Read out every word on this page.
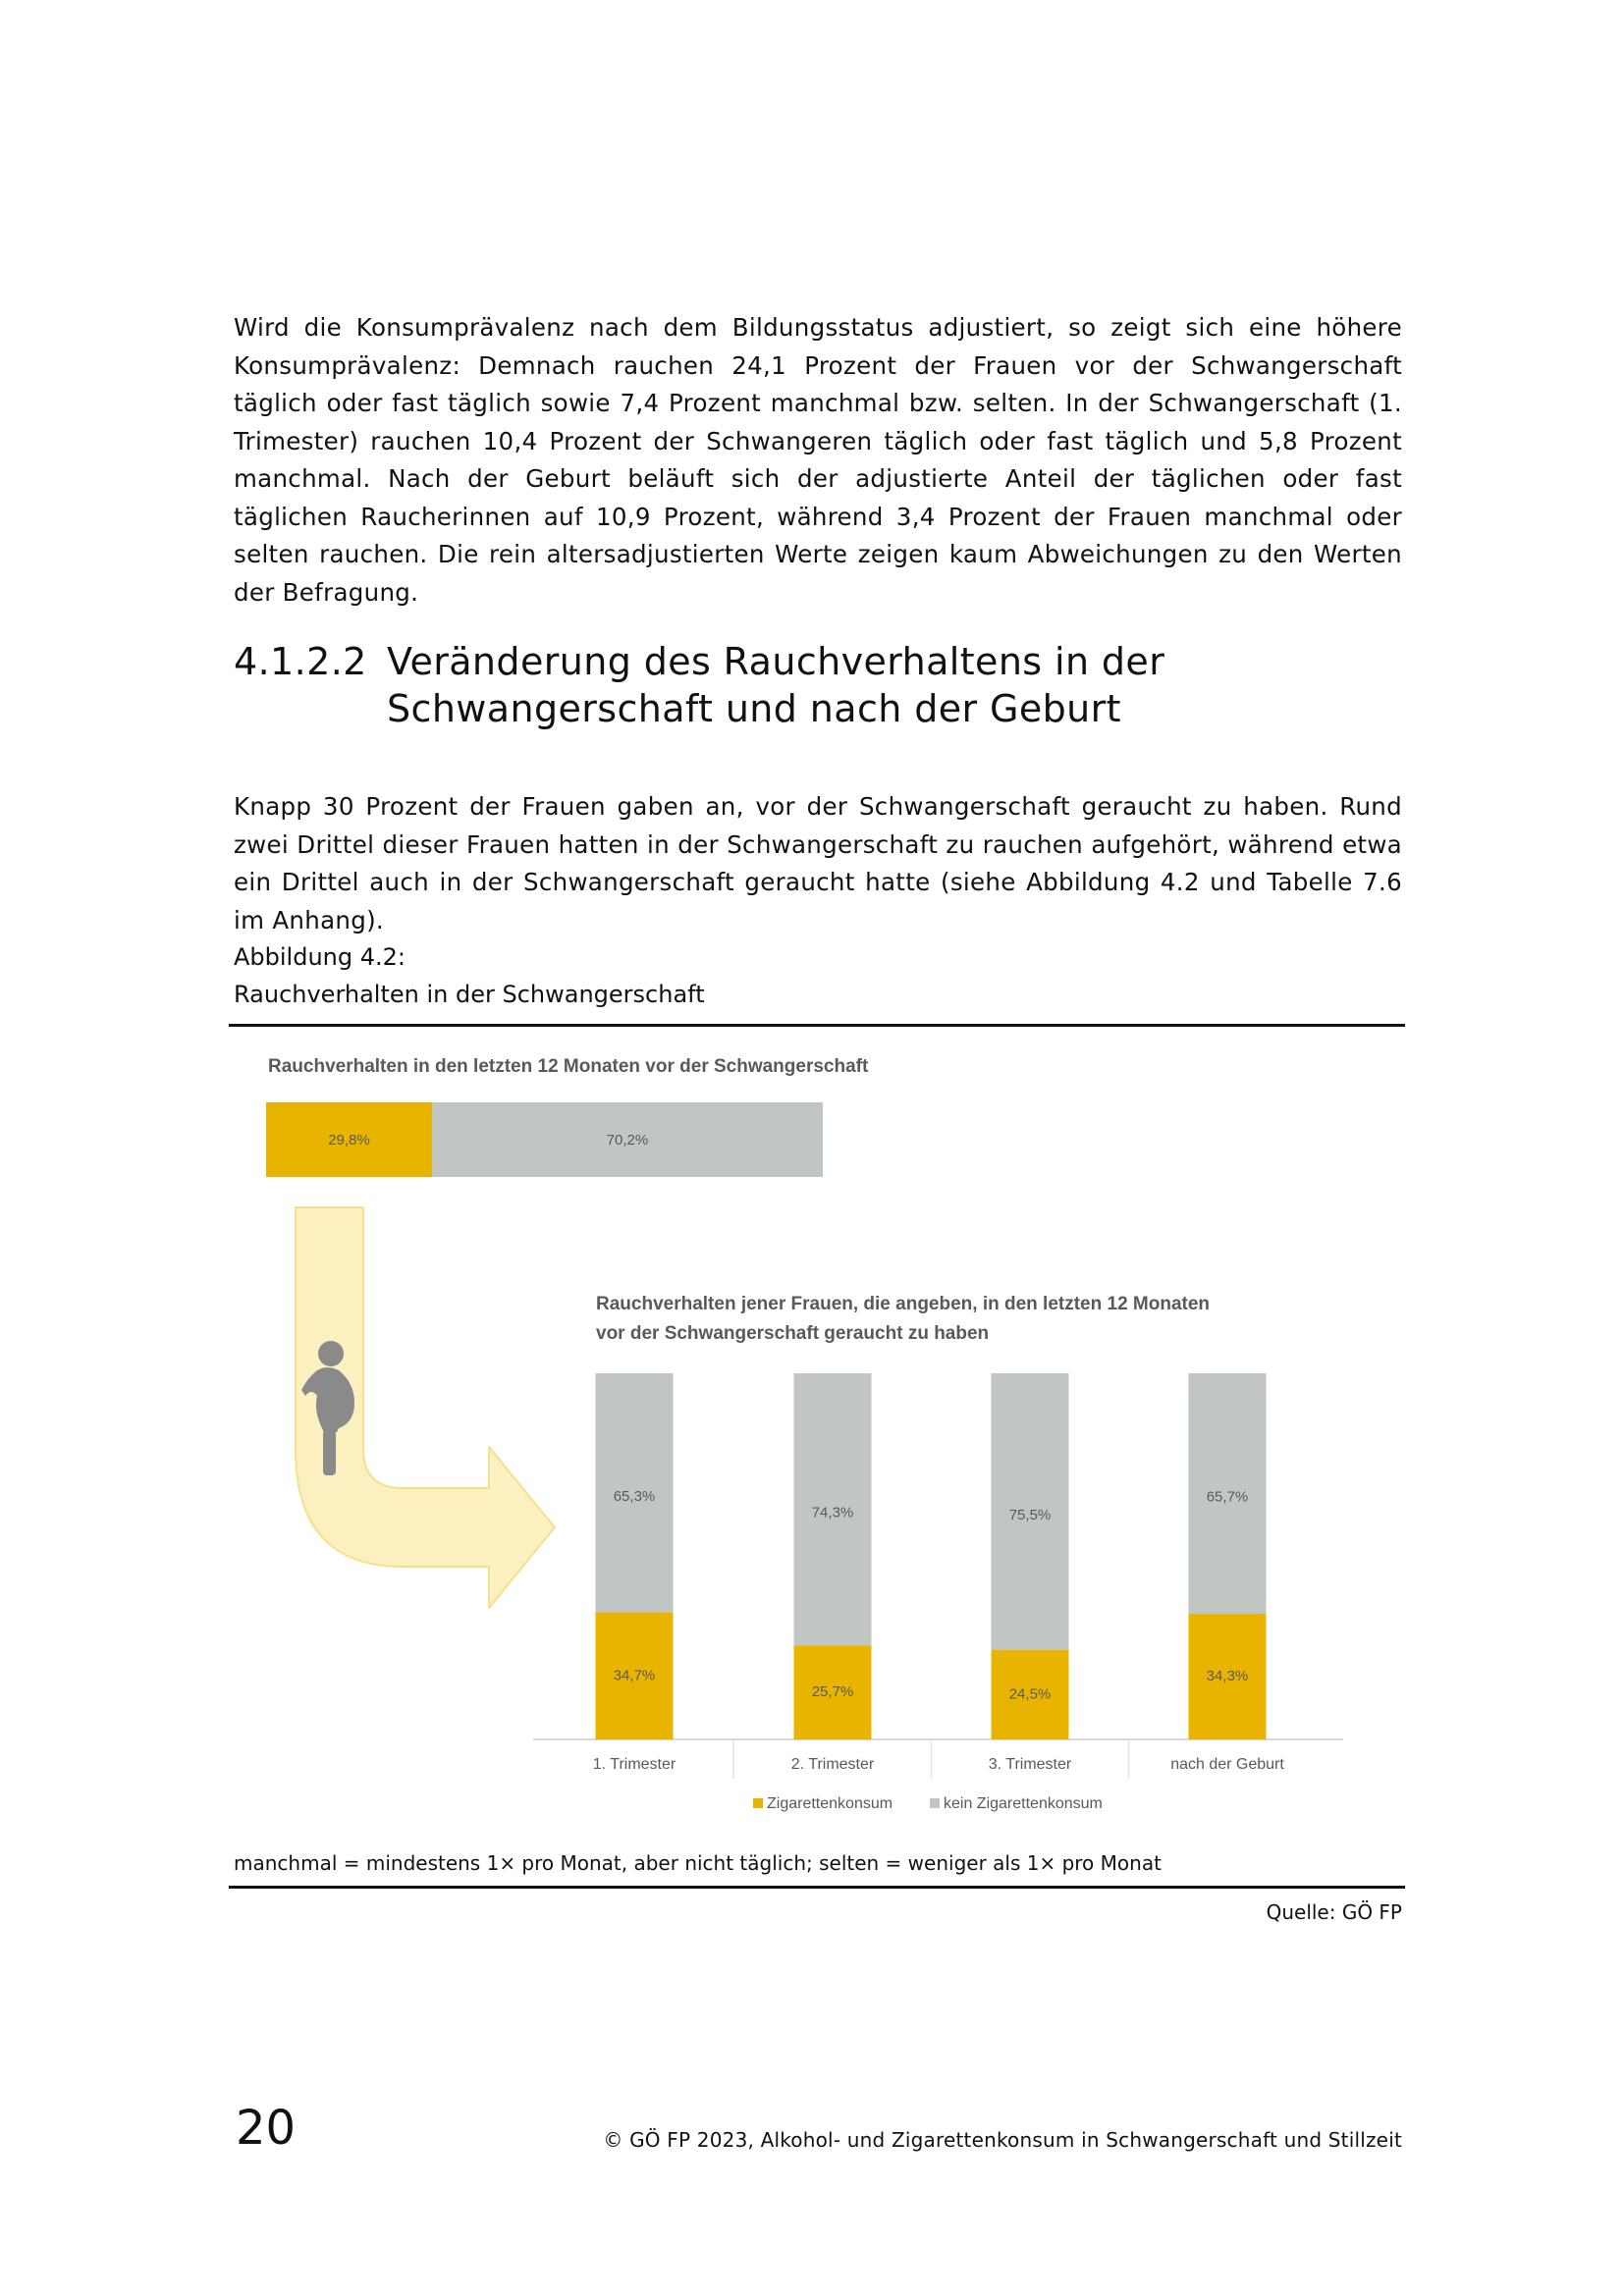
Wird die Konsumprävalenz nach dem Bildungsstatus adjustiert, so zeigt sich eine höhere Konsumprävalenz: Demnach rauchen 24,1 Prozent der Frauen vor der Schwangerschaft täglich oder fast täglich sowie 7,4 Prozent manchmal bzw. selten. In der Schwangerschaft (1. Trimester) rauchen 10,4 Prozent der Schwangeren täglich oder fast täglich und 5,8 Prozent manchmal. Nach der Geburt beläuft sich der adjustierte Anteil der täglichen oder fast täglichen Raucherinnen auf 10,9 Prozent, während 3,4 Prozent der Frauen manchmal oder selten rauchen. Die rein altersadjustierten Werte zeigen kaum Abweichungen zu den Werten der Befragung.

4.1.2.2 Veränderung des Rauchverhaltens in der
Schwangerschaft und nach der Geburt

Knapp 30 Prozent der Frauen gaben an, vor der Schwangerschaft geraucht zu haben. Rund zwei Drittel dieser Frauen hatten in der Schwangerschaft zu rauchen aufgehört, während etwa ein Drittel auch in der Schwangerschaft geraucht hatte (siehe Abbildung 4.2 und Tabelle 7.6 im Anhang).

Abbildung 4.2:
Rauchverhalten in der Schwangerschaft
Rauchverhalten in den letzten 12 Monaten vor der Schwangerschaft
29,8%	70,2%
Rauchverhalten jener Frauen, die angeben, in den letzten 12 Monaten
vor der Schwangerschaft geraucht zu haben
34,7%
65,3%
1. Trimester
25,7%
74,3%
2. Trimester
24,5%
75,5%
3. Trimester
34,3%
65,7%
nach der Geburt
Zigarettenkonsum	kein Zigarettenkonsum
manchmal = mindestens 1× pro Monat, aber nicht täglich; selten = weniger als 1× pro Monat
Quelle: GÖ FP
20	© GÖ FP 2023, Alkohol- und Zigarettenkonsum in Schwangerschaft und Stillzeit
